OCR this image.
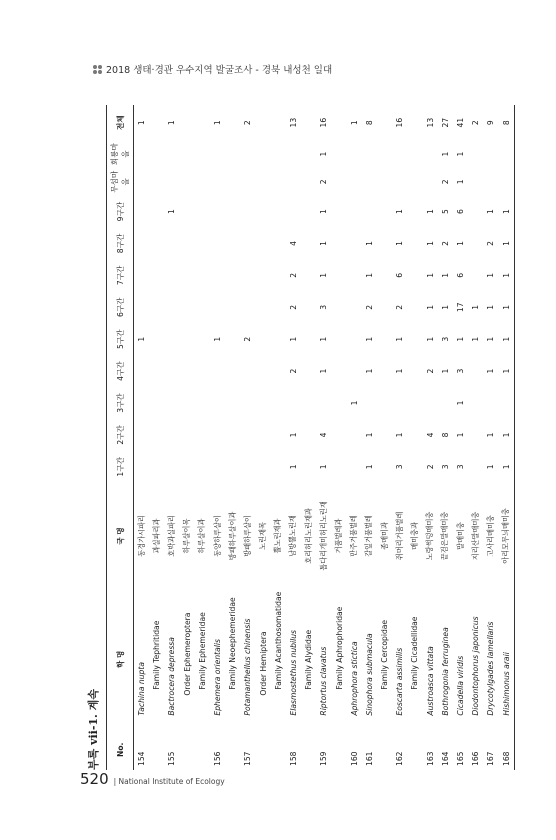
2018 생태·경관 우수지역 발굴조사 - 경북 내성천 일대
부록 vii-1. 계속 No.	학 명	국 명	1구간	2구간	3구간	4구간	5구간	6구간	7구간	8구간	9구간	무섬마을	회룡마을	전체
154	Tachina nupta	동경가시파리					1							1
	Family Tephritidae	과실파리과												
155	Bactrocera depressa	호박과실파리									1			1
	Order Ephemeroptera	하루살이목												
	Family Ephemeridae	하루살이과												
156	Ephemera orientalis	동양하루살이					1							1
	Family Neoephemeridae	방패하루살이과												
157	Potamanthellus chinensis	방패하루살이					2							2
	Order Hemiptera	노린재목												
	Family Acanthosomatidae	뿔노린재과												
158	Elasmostethus nubilus	남방뿔노린재	1	1		2	1	2	2	4				13
	Family Alydidae	호리허리노린재과												
159	Riptortus clavatus	톱다리개미허리노린재	1	4		1	1	3	1	1	1	2	1	16
	Family Aphrophoridae	거품벌레과												
160	Aphrophora stictica	만주거품벌레			1									1
161	Sinophora submacula	갈잎거품벌레	1	1		1	1	2	1	1				8
	Family Cercopidae	좀매미과												
162	Eoscarta assimilis	쥐머리거품벌레	3	1		1	1	2	6	1	1			16
	Family Cicadellidae	매미충과												
163	Austroasca vittata	노랑썩덩매미충	2	4		2	1	1	1	1	1			13
164	Bothrogonia ferruginea	끝검은말매미충	3	8		1	3	1	1	2	5	2	1	27
165	Cicadella viridis	말매미충	3	1	1	3	1	17	6	1	6	1	1	41
166	Diodontophorus japonicus	지리산말매미충					1	1						2
167	Drycotylgades lamellaris	고사리매미충	1	1		1	1	1	1	2	1			9
168	Hishimonus araii	아리모무늬매미충	1	1		1	1	1	1	1	1			8
520 | National Institute of Ecology
